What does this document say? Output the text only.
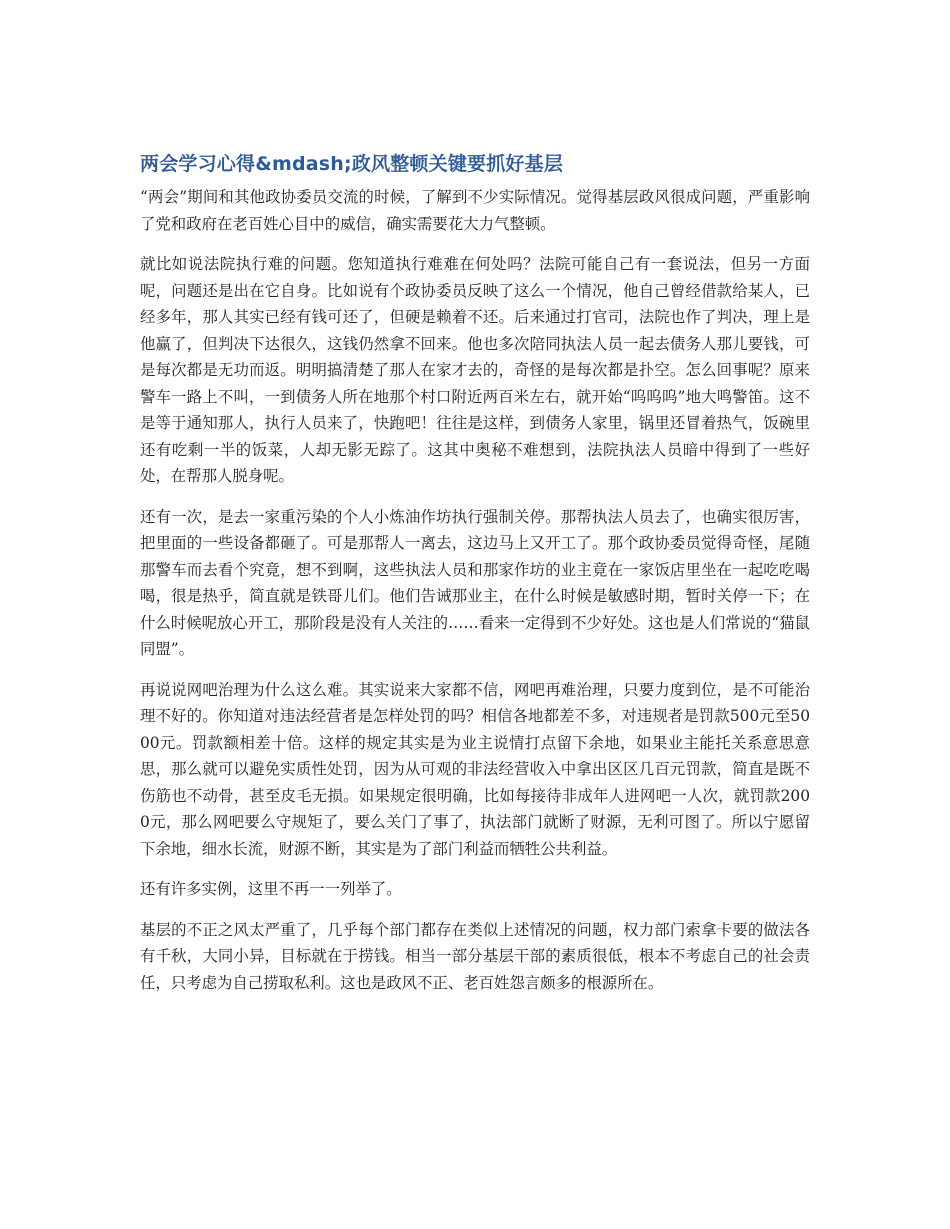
两会学习心得&mdash;政风整顿关键要抓好基层

“两会”期间和其他政协委员交流的时候，了解到不少实际情况。觉得基层政风很成问题，严重影响了党和政府在老百姓心目中的威信，确实需要花大力气整顿。

就比如说法院执行难的问题。您知道执行难难在何处吗？法院可能自己有一套说法，但另一方面呢，问题还是出在它自身。比如说有个政协委员反映了这么一个情况，他自己曾经借款给某人，已经多年，那人其实已经有钱可还了，但硬是赖着不还。后来通过打官司，法院也作了判决，理上是他赢了，但判决下达很久，这钱仍然拿不回来。他也多次陪同执法人员一起去债务人那儿要钱，可是每次都是无功而返。明明搞清楚了那人在家才去的，奇怪的是每次都是扑空。怎么回事呢？原来警车一路上不叫，一到债务人所在地那个村口附近两百米左右，就开始“呜呜呜”地大鸣警笛。这不是等于通知那人，执行人员来了，快跑吧！往往是这样，到债务人家里，锅里还冒着热气，饭碗里还有吃剩一半的饭菜，人却无影无踪了。这其中奥秘不难想到，法院执法人员暗中得到了一些好处，在帮那人脱身呢。

还有一次，是去一家重污染的个人小炼油作坊执行强制关停。那帮执法人员去了，也确实很厉害，把里面的一些设备都砸了。可是那帮人一离去，这边马上又开工了。那个政协委员觉得奇怪，尾随那警车而去看个究竟，想不到啊，这些执法人员和那家作坊的业主竟在一家饭店里坐在一起吃吃喝喝，很是热乎，简直就是铁哥儿们。他们告诫那业主，在什么时候是敏感时期，暂时关停一下；在什么时候呢放心开工，那阶段是没有人关注的……看来一定得到不少好处。这也是人们常说的“猫鼠同盟”。

再说说网吧治理为什么这么难。其实说来大家都不信，网吧再难治理，只要力度到位，是不可能治理不好的。你知道对违法经营者是怎样处罚的吗？相信各地都差不多，对违规者是罚款500元至5000元。罚款额相差十倍。这样的规定其实是为业主说情打点留下余地，如果业主能托关系意思意思，那么就可以避免实质性处罚，因为从可观的非法经营收入中拿出区区几百元罚款，简直是既不伤筋也不动骨，甚至皮毛无损。如果规定很明确，比如每接待非成年人进网吧一人次，就罚款2000元，那么网吧要么守规矩了，要么关门了事了，执法部门就断了财源，无利可图了。所以宁愿留下余地，细水长流，财源不断，其实是为了部门利益而牺牲公共利益。

还有许多实例，这里不再一一列举了。

基层的不正之风太严重了，几乎每个部门都存在类似上述情况的问题，权力部门索拿卡要的做法各有千秋，大同小异，目标就在于捞钱。相当一部分基层干部的素质很低，根本不考虑自己的社会责任，只考虑为自己捞取私利。这也是政风不正、老百姓怨言颇多的根源所在。
